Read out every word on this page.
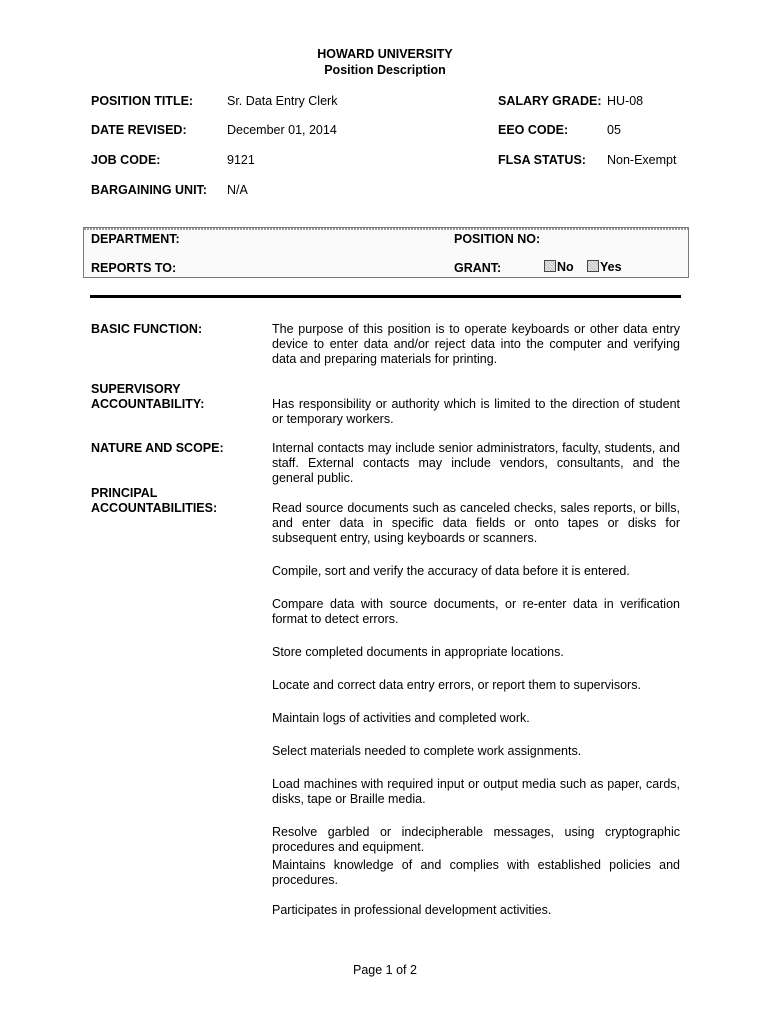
HOWARD UNIVERSITY
Position Description
POSITION TITLE:	Sr. Data Entry Clerk	SALARY GRADE: HU-08
DATE REVISED:	December 01, 2014	EEO CODE:	05
JOB CODE:	9121	FLSA STATUS: Non-Exempt
BARGAINING UNIT: N/A
DEPARTMENT:	POSITION NO:
REPORTS TO:	GRANT:	No	Yes
BASIC FUNCTION:	The purpose of this position is to operate keyboards or other data entry device to enter data and/or reject data into the computer and verifying data and preparing materials for printing.
SUPERVISORY
ACCOUNTABILITY:	Has responsibility or authority which is limited to the direction of student or temporary workers.
NATURE AND SCOPE:	Internal contacts may include senior administrators, faculty, students, and staff. External contacts may include vendors, consultants, and the general public.
PRINCIPAL
ACCOUNTABILITIES:	Read source documents such as canceled checks, sales reports, or bills, and enter data in specific data fields or onto tapes or disks for subsequent entry, using keyboards or scanners.
Compile, sort and verify the accuracy of data before it is entered.
Compare data with source documents, or re-enter data in verification format to detect errors.
Store completed documents in appropriate locations.
Locate and correct data entry errors, or report them to supervisors.
Maintain logs of activities and completed work.
Select materials needed to complete work assignments.
Load machines with required input or output media such as paper, cards, disks, tape or Braille media.
Resolve garbled or indecipherable messages, using cryptographic procedures and equipment.
Maintains knowledge of and complies with established policies and procedures.
Participates in professional development activities.
Page 1 of 2
